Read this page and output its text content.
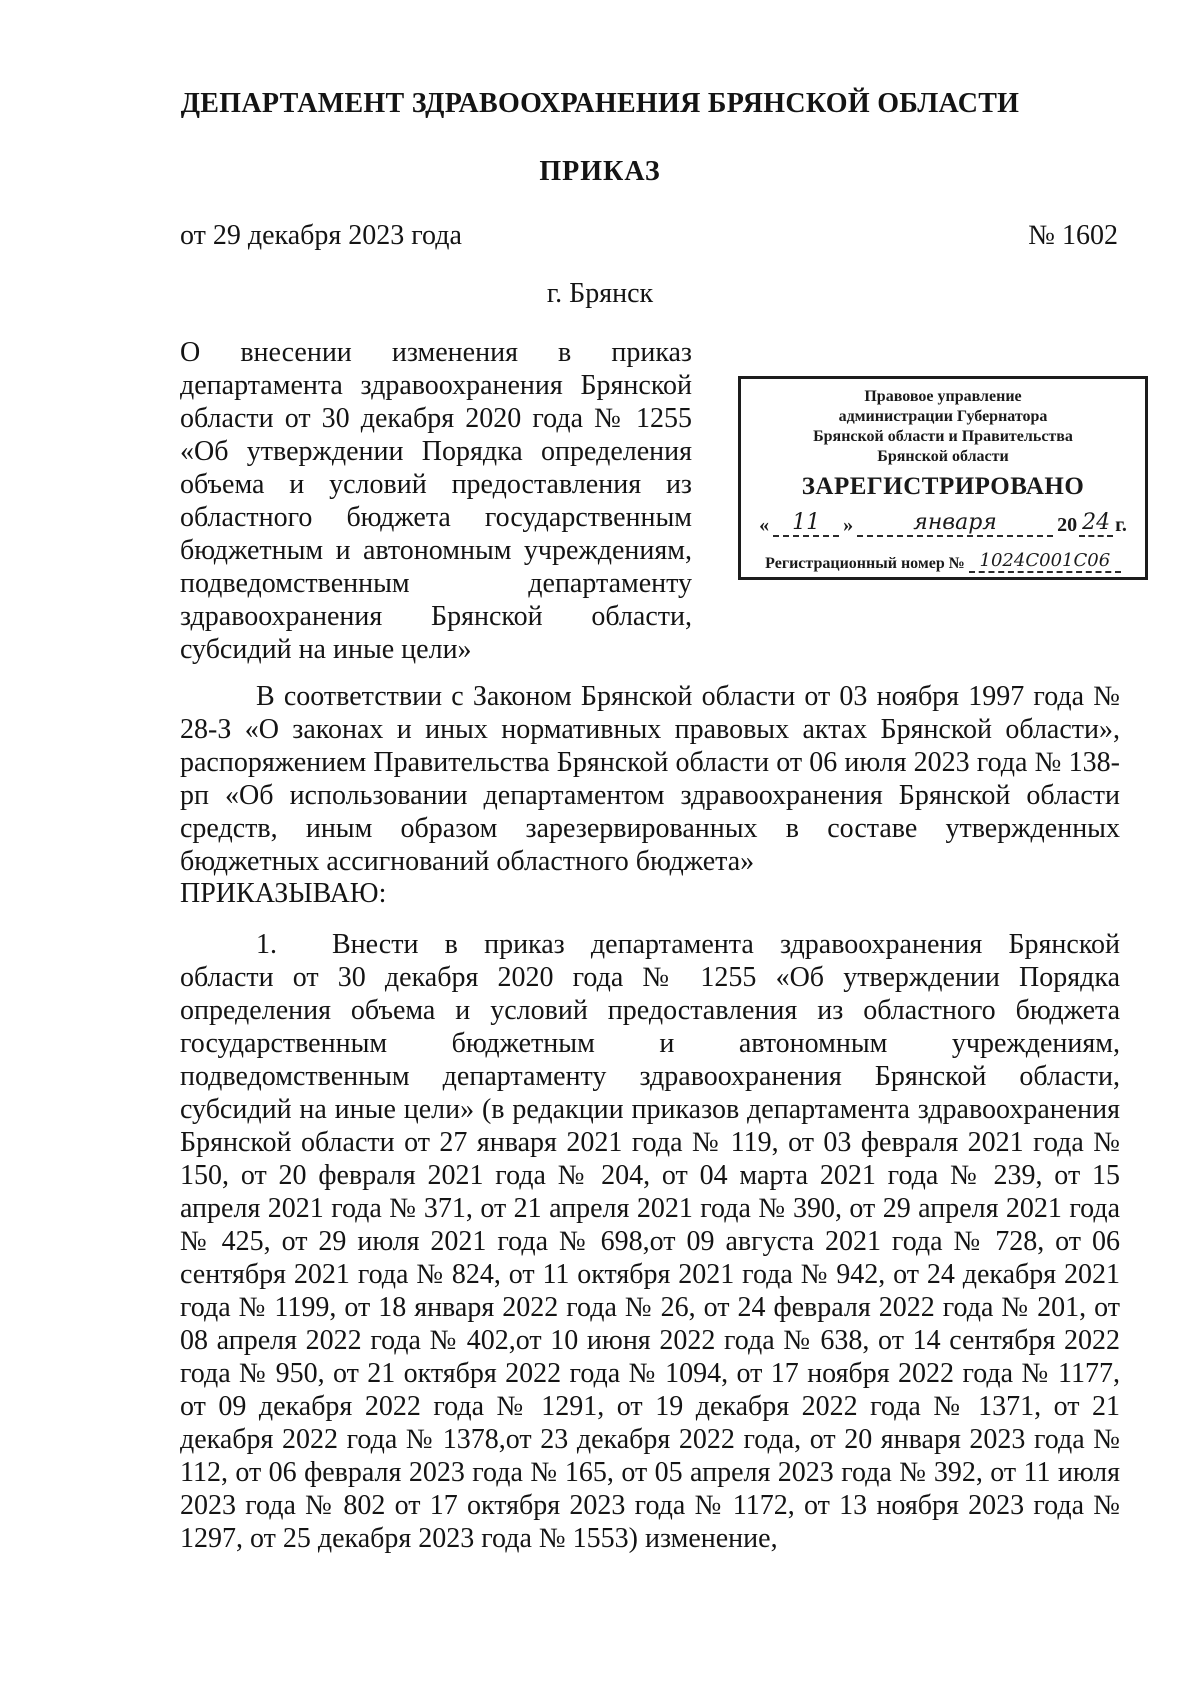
ДЕПАРТАМЕНТ ЗДРАВООХРАНЕНИЯ БРЯНСКОЙ ОБЛАСТИ
ПРИКАЗ
от 29 декабря 2023 года	№ 1602
г. Брянск
О внесении изменения в приказ департамента здравоохранения Брянской области от 30 декабря 2020 года № 1255 «Об утверждении Порядка определения объема и условий предоставления из областного бюджета государственным бюджетным и автономным учреждениям, подведомственным департаменту здравоохранения Брянской области, субсидий на иные цели»
Правовое управление
администрации Губернатора
Брянской области и Правительства
Брянской области
ЗАРЕГИСТРИРОВАНО
«	11	»	января	20 24 г.
Регистрационный номер № 1024С001С06
В соответствии с Законом Брянской области от 03 ноября 1997 года № 28-З «О законах и иных нормативных правовых актах Брянской области», распоряжением Правительства Брянской области от 06 июля 2023 года № 138-рп «Об использовании департаментом здравоохранения Брянской области средств, иным образом зарезервированных в составе утвержденных бюджетных ассигнований областного бюджета»
ПРИКАЗЫВАЮ:
1. Внести в приказ департамента здравоохранения Брянской области от 30 декабря 2020 года № 1255 «Об утверждении Порядка определения объема и условий предоставления из областного бюджета государственным бюджетным и автономным учреждениям, подведомственным департаменту здравоохранения Брянской области, субсидий на иные цели» (в редакции приказов департамента здравоохранения Брянской области от 27 января 2021 года № 119, от 03 февраля 2021 года № 150, от 20 февраля 2021 года № 204, от 04 марта 2021 года № 239, от 15 апреля 2021 года № 371, от 21 апреля 2021 года № 390, от 29 апреля 2021 года № 425, от 29 июля 2021 года № 698,от 09 августа 2021 года № 728, от 06 сентября 2021 года № 824, от 11 октября 2021 года № 942, от 24 декабря 2021 года № 1199, от 18 января 2022 года № 26, от 24 февраля 2022 года № 201, от 08 апреля 2022 года № 402,от 10 июня 2022 года № 638, от 14 сентября 2022 года № 950, от 21 октября 2022 года № 1094, от 17 ноября 2022 года № 1177, от 09 декабря 2022 года № 1291, от 19 декабря 2022 года № 1371, от 21 декабря 2022 года № 1378,от 23 декабря 2022 года, от 20 января 2023 года № 112, от 06 февраля 2023 года № 165, от 05 апреля 2023 года № 392, от 11 июля 2023 года № 802 от 17 октября 2023 года № 1172, от 13 ноября 2023 года № 1297, от 25 декабря 2023 года № 1553) изменение,
